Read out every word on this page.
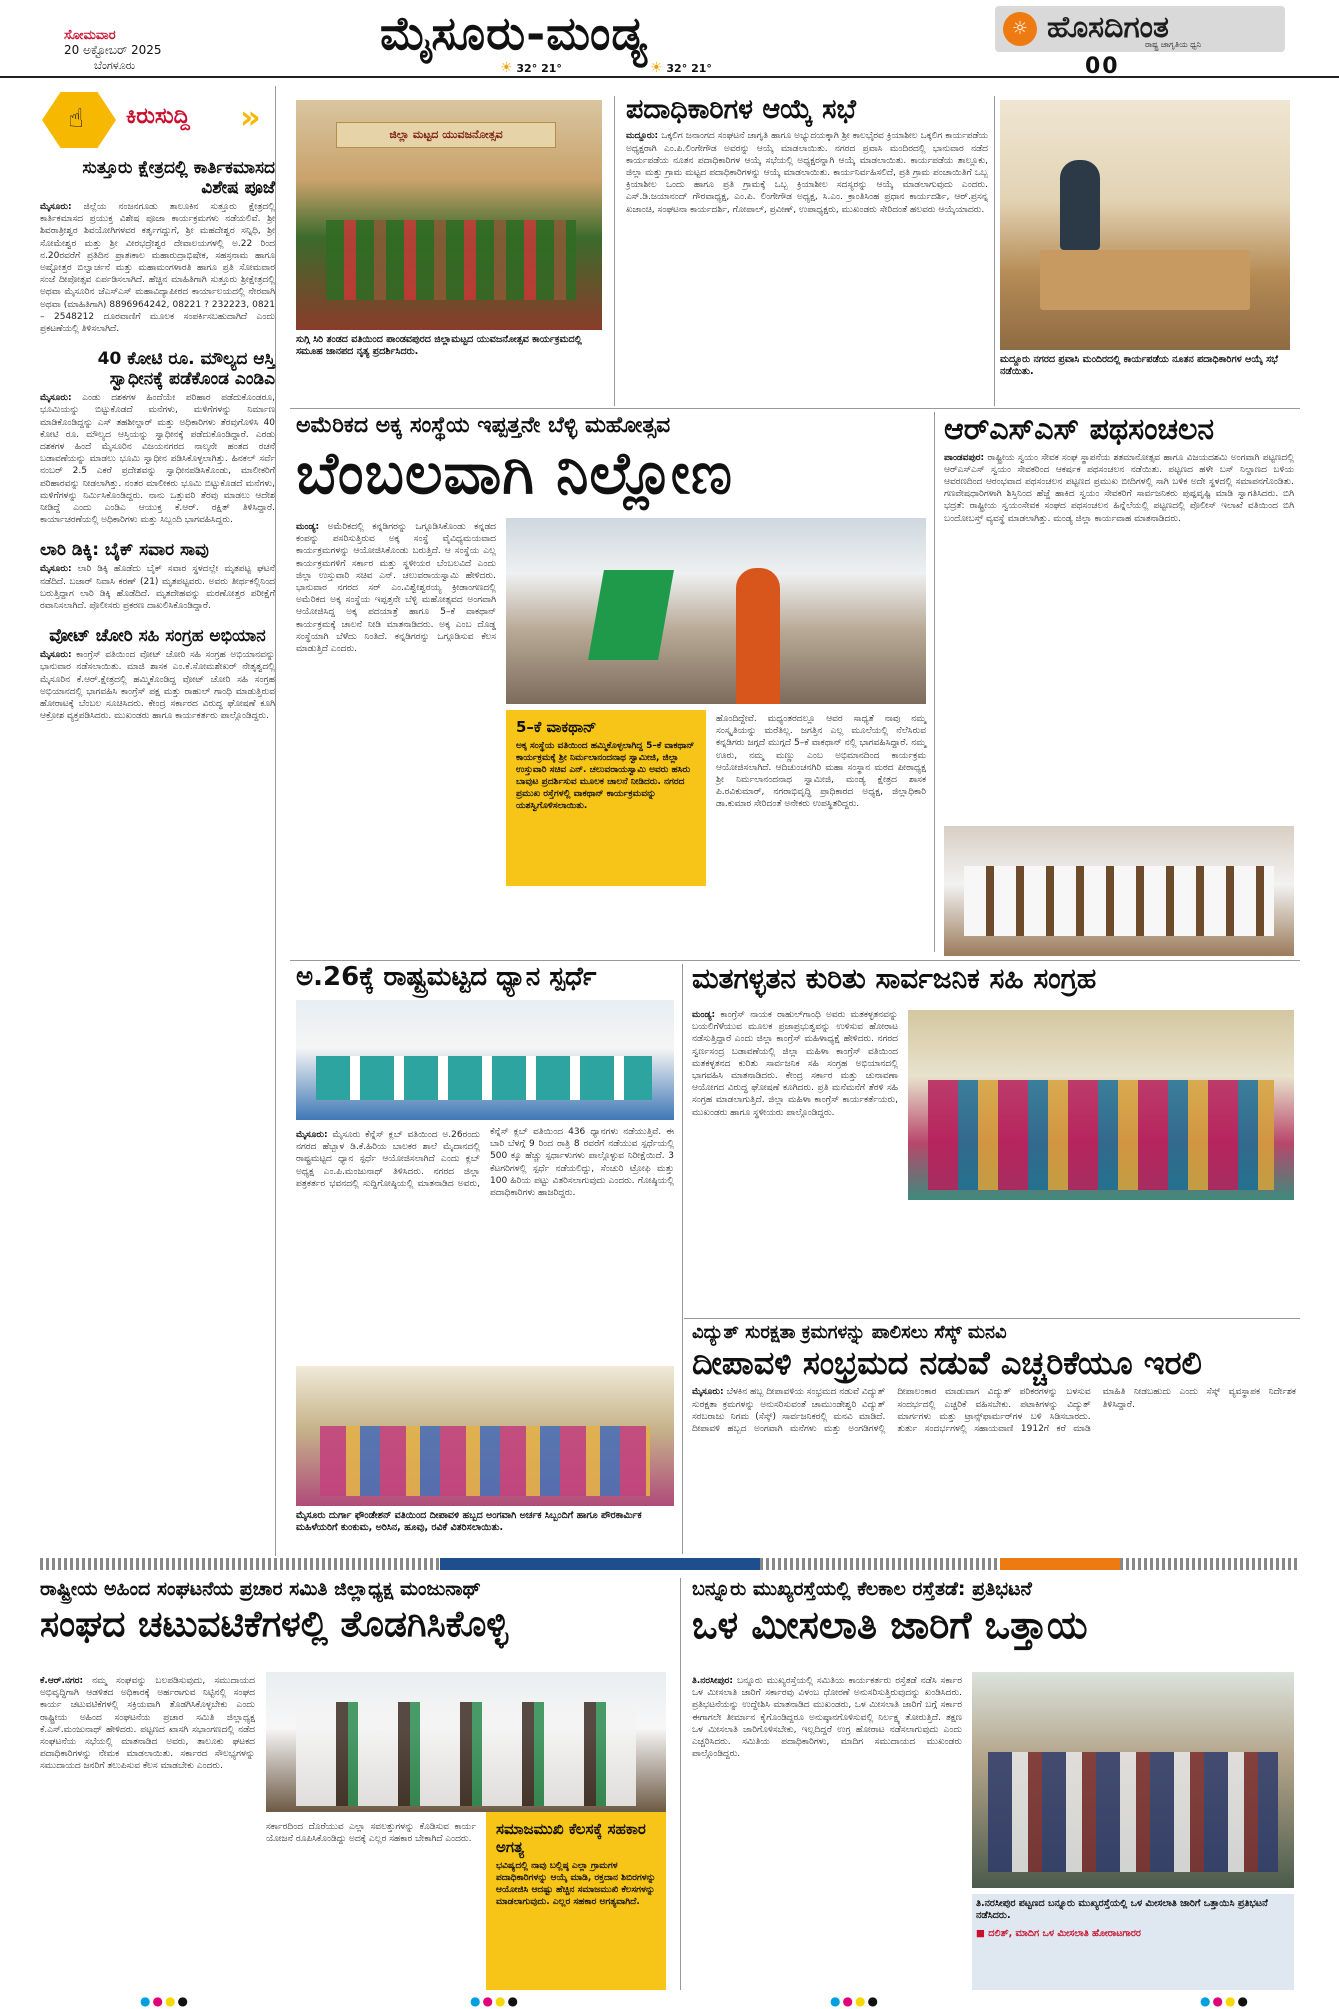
ಸೋಮವಾರ
20 ಅಕ್ಟೋಬರ್ 2025
ಬೆಂಗಳೂರು
ಮೈಸೂರು-ಮಂಡ್ಯ
☀ 32° 21°	☀ 32° 21°
☼ ಹೊಸದಿಗಂತ
ರಾಷ್ಟ್ರ ಜಾಗೃತಿಯ ಧ್ವನಿ
00
☝ ಕಿರುಸುದ್ದಿ »
ಸುತ್ತೂರು ಕ್ಷೇತ್ರದಲ್ಲಿ ಕಾರ್ತಿಕಮಾಸದ ವಿಶೇಷ ಪೂಜೆ

ಮೈಸೂರು: ಜಿಲ್ಲೆಯ ನಂಜನಗೂಡು ತಾಲೂಕಿನ ಸುತ್ತೂರು ಕ್ಷೇತ್ರದಲ್ಲಿ ಕಾರ್ತಿಕಮಾಸದ ಪ್ರಯುಕ್ತ ವಿಶೇಷ ಪೂಜಾ ಕಾರ್ಯಕ್ರಮಗಳು ನಡೆಯಲಿವೆ. ಶ್ರೀ ಶಿವರಾತ್ರೀಶ್ವರ ಶಿವಯೋಗಿಗಳವರ ಕರ್ತೃಗದ್ದುಗೆ, ಶ್ರೀ ಮಹದೇಶ್ವರ ಸನ್ನಿಧಿ, ಶ್ರೀ ಸೋಮೇಶ್ವರ ಮತ್ತು ಶ್ರೀ ವೀರಭದ್ರೇಶ್ವರ ದೇವಾಲಯಗಳಲ್ಲಿ ಅ.22 ರಿಂದ ನ.20ರವರೆಗೆ ಪ್ರತಿದಿನ ಪ್ರಾತಃಕಾಲ ಮಹಾರುದ್ರಾಭಿಷೇಕ, ಸಹಸ್ರನಾಮ ಹಾಗೂ ಅಷ್ಟೋತ್ತರ ಬಿಲ್ವಾರ್ಚನೆ ಮತ್ತು ಮಹಾಮಂಗಳಾರತಿ ಹಾಗೂ ಪ್ರತಿ ಸೋಮವಾರ ಸಂಜೆ ದೀಪೋತ್ಸವ ಏರ್ಪಡಿಸಲಾಗಿದೆ. ಹೆಚ್ಚಿನ ಮಾಹಿತಿಗಾಗಿ ಸುತ್ತೂರು ಶ್ರೀಕ್ಷೇತ್ರದಲ್ಲಿ ಅಥವಾ ಮೈಸೂರಿನ ಜೆಎಸ್‌ಎಸ್ ಮಹಾವಿದ್ಯಾಪೀಠದ ಕಾರ್ಯಾಲಯದಲ್ಲಿ ನೇರವಾಗಿ ಅಥವಾ (ಮಾಹಿತಿಗಾಗಿ) 8896964242, 08221 ? 232223, 0821 – 2548212 ದೂರವಾಣಿಗೆ ಮೂಲಕ ಸಂಪರ್ಕಿಸಬಹುದಾಗಿದೆ ಎಂದು ಪ್ರಕಟಣೆಯಲ್ಲಿ ತಿಳಿಸಲಾಗಿದೆ.

40 ಕೋಟಿ ರೂ. ಮೌಲ್ಯದ ಆಸ್ತಿ ಸ್ವಾಧೀನಕ್ಕೆ ಪಡೆಕೊಂಡ ಎಂಡಿಎ

ಮೈಸೂರು: ಎಂಡು ದಶಕಗಳ ಹಿಂದೆಯೇ ಪರಿಹಾರ ಪಡೆದುಕೊಂಡರೂ, ಭೂಮಿಯನ್ನು ಬಿಟ್ಟುಕೊಡದೆ ಮನೆಗಳು, ಮಳಿಗೆಗಳನ್ನು ನಿರ್ಮಾಣ ಮಾಡಿಕೊಂಡಿದ್ದನ್ನು ಎಸ್ ತಹಶೀಲ್ದಾರ್ ಮತ್ತು ಅಧಿಕಾರಿಗಳು ತೆರವುಗೊಳಿಸಿ 40 ಕೋಟಿ ರೂ. ಮೌಲ್ಯದ ಆಸ್ತಿಯನ್ನು ಸ್ವಾಧೀನಕ್ಕೆ ಪಡೆದುಕೊಂಡಿದ್ದಾರೆ. ಎರಡು ದಶಕಗಳ ಹಿಂದೆ ಮೈಸೂರಿನ ವಿಜಯನಗರದ ನಾಲ್ಕನೇ ಹಂತದ ರಚನೆ ಬಡಾವಣೆಯನ್ನು ಮಾಡಲು ಭೂಮಿ ಸ್ವಾಧೀನ ಪಡಿಸಿಕೊಳ್ಳಲಾಗಿತ್ತು. ಹಿನಕಲ್ ಸರ್ವೆ ನಂಬರ್ 2.5 ಎಕರೆ ಪ್ರದೇಶವನ್ನು ಸ್ವಾಧೀನಪಡಿಸಿಕೊಂಡು, ಮಾಲೀಕರಿಗೆ ಪರಿಹಾರವನ್ನು ನೀಡಲಾಗಿತ್ತು. ನಂತರ ಮಾಲೀಕರು ಭೂಮಿ ಬಿಟ್ಟುಕೊಡದೆ ಮನೆಗಳು, ಮಳಿಗೆಗಳನ್ನು ನಿರ್ಮಿಸಿಕೊಂಡಿದ್ದರು. ನಾನು ಒತ್ತುವರಿ ತೆರವು ಮಾಡಲು ಆದೇಶ ನೀಡಿದ್ದೆ ಎಂದು ಎಂಡಿಎ ಆಯುಕ್ತ ಕೆ.ಆರ್. ರಕ್ಷಿತ್ ತಿಳಿಸಿದ್ದಾರೆ. ಕಾರ್ಯಾಚರಣೆಯಲ್ಲಿ ಅಧಿಕಾರಿಗಳು ಮತ್ತು ಸಿಬ್ಬಂದಿ ಭಾಗವಹಿಸಿದ್ದರು.

ಲಾರಿ ಡಿಕ್ಕಿ: ಬೈಕ್ ಸವಾರ ಸಾವು

ಮೈಸೂರು: ಲಾರಿ ಡಿಕ್ಕಿ ಹೊಡೆದು ಬೈಕ್ ಸವಾರ ಸ್ಥಳದಲ್ಲೇ ಮೃತಪಟ್ಟ ಘಟನೆ ನಡೆದಿದೆ. ಬಜಾರ್ ನಿವಾಸಿ ಕರಣ್ (21) ಮೃತಪಟ್ಟವರು. ಅವರು ತೀರ್ಥಕಲ್ಲಿನಿಂದ ಬರುತ್ತಿದ್ದಾಗ ಲಾರಿ ಡಿಕ್ಕಿ ಹೊಡೆದಿದೆ. ಮೃತದೇಹವನ್ನು ಮರಣೋತ್ತರ ಪರೀಕ್ಷೆಗೆ ರವಾನಿಸಲಾಗಿದೆ. ಪೊಲೀಸರು ಪ್ರಕರಣ ದಾಖಲಿಸಿಕೊಂಡಿದ್ದಾರೆ.

ವೋಟ್ ಚೋರಿ ಸಹಿ ಸಂಗ್ರಹ ಅಭಿಯಾನ

ಮೈಸೂರು: ಕಾಂಗ್ರೆಸ್ ವತಿಯಿಂದ ವೋಟ್ ಚೋರಿ ಸಹಿ ಸಂಗ್ರಹ ಅಭಿಯಾನವನ್ನು ಭಾನುವಾರ ನಡೆಸಲಾಯಿತು. ಮಾಜಿ ಶಾಸಕ ಎಂ.ಕೆ.ಸೋಮಶೇಖರ್ ನೇತೃತ್ವದಲ್ಲಿ ಮೈಸೂರಿನ ಕೆ.ಆರ್.ಕ್ಷೇತ್ರದಲ್ಲಿ ಹಮ್ಮಿಕೊಂಡಿದ್ದ ವೋಟ್ ಚೋರಿ ಸಹಿ ಸಂಗ್ರಹ ಅಭಿಯಾನದಲ್ಲಿ ಭಾಗವಹಿಸಿ ಕಾಂಗ್ರೆಸ್ ಪಕ್ಷ ಮತ್ತು ರಾಹುಲ್ ಗಾಂಧಿ ಮಾಡುತ್ತಿರುವ ಹೋರಾಟಕ್ಕೆ ಬೆಂಬಲ ಸೂಚಿಸಿದರು. ಕೇಂದ್ರ ಸರ್ಕಾರದ ವಿರುದ್ಧ ಘೋಷಣೆ ಕೂಗಿ ಆಕ್ರೋಶ ವ್ಯಕ್ತಪಡಿಸಿದರು. ಮುಖಂಡರು ಹಾಗೂ ಕಾರ್ಯಕರ್ತರು ಪಾಲ್ಗೊಂಡಿದ್ದರು.

ಜಿಲ್ಲಾ ಮಟ್ಟದ ಯುವಜನೋತ್ಸವ

ಸುಗ್ಗಿ ಸಿರಿ ತಂಡದ ವತಿಯಿಂದ ಪಾಂಡವಪುರದ ಜಿಲ್ಲಾಮಟ್ಟದ ಯುವಜನೋತ್ಸವ ಕಾರ್ಯಕ್ರಮದಲ್ಲಿ ಸಮೂಹ ಜಾನಪದ ನೃತ್ಯ ಪ್ರದರ್ಶಿಸಿದರು.

ಪದಾಧಿಕಾರಿಗಳ ಆಯ್ಕೆ ಸಭೆ

ಮದ್ದೂರು: ಒಕ್ಕಲಿಗ ಜನಾಂಗದ ಸಂಘಟನೆ ಜಾಗೃತಿ ಹಾಗೂ ಅಭ್ಯುದಯಕ್ಕಾಗಿ ಶ್ರೀ ಕಾಲಭೈರವ ಕ್ರಿಯಾಶೀಲ ಒಕ್ಕಲಿಗ ಕಾರ್ಯಪಡೆಯ ಅಧ್ಯಕ್ಷರಾಗಿ ಎಂ.ಪಿ.ಲಿಂಗೇಗೌಡ ಅವರನ್ನು ಆಯ್ಕೆ ಮಾಡಲಾಯಿತು. ನಗರದ ಪ್ರವಾಸಿ ಮಂದಿರದಲ್ಲಿ ಭಾನುವಾರ ನಡೆದ ಕಾರ್ಯಪಡೆಯ ನೂತನ ಪದಾಧಿಕಾರಿಗಳ ಆಯ್ಕೆ ಸಭೆಯಲ್ಲಿ ಅಧ್ಯಕ್ಷರನ್ನಾಗಿ ಆಯ್ಕೆ ಮಾಡಲಾಯಿತು. ಕಾರ್ಯಪಡೆಯ ತಾಲ್ಲೂಕು, ಜಿಲ್ಲಾ ಮತ್ತು ಗ್ರಾಮ ಮಟ್ಟದ ಪದಾಧಿಕಾರಿಗಳನ್ನು ಆಯ್ಕೆ ಮಾಡಲಾಯಿತು. ಕಾರ್ಯನಿರ್ವಹಿಸಲಿದೆ, ಪ್ರತಿ ಗ್ರಾಮ ಪಂಚಾಯಿತಿಗೆ ಒಬ್ಬ ಕ್ರಿಯಾಶೀಲ ಒಂದು ಹಾಗೂ ಪ್ರತಿ ಗ್ರಾಮಕ್ಕೆ ಒಬ್ಬ ಕ್ರಿಯಾಶೀಲ ಸದಸ್ಯರನ್ನು ಆಯ್ಕೆ ಮಾಡಲಾಗುವುದು ಎಂದರು. ಎಸ್.ಡಿ.ಜಯಾನಂದ್ ಗೌರವಾಧ್ಯಕ್ಷ, ಎಂ.ಪಿ. ಲಿಂಗೇಗೌಡ ಅಧ್ಯಕ್ಷ, ಸಿ.ಎಂ. ಕ್ರಾಂತಿಸಿಂಹ ಪ್ರಧಾನ ಕಾರ್ಯದರ್ಶಿ, ಆರ್.ಪ್ರಸನ್ನ ಖಜಾಂಚಿ, ಸಂಘಟನಾ ಕಾರ್ಯದರ್ಶಿ, ಗೋಪಾಲ್, ಪ್ರವೀಣ್, ಉಪಾಧ್ಯಕ್ಷರು, ಮುಖಂಡರು ಸೇರಿದಂತೆ ಹಲವರು ಆಯ್ಕೆಯಾದರು.

ಮದ್ದೂರು ನಗರದ ಪ್ರವಾಸಿ ಮಂದಿರದಲ್ಲಿ ಕಾರ್ಯಪಡೆಯ ನೂತನ ಪದಾಧಿಕಾರಿಗಳ ಆಯ್ಕೆ ಸಭೆ ನಡೆಯಿತು.

ಅಮೆರಿಕದ ಅಕ್ಕ ಸಂಸ್ಥೆಯ ಇಪ್ಪತ್ತನೇ ಬೆಳ್ಳಿ ಮಹೋತ್ಸವ
ಬೆಂಬಲವಾಗಿ ನಿಲ್ಲೋಣ

ಮಂಡ್ಯ: ಅಮೆರಿಕದಲ್ಲಿ ಕನ್ನಡಿಗರನ್ನು ಒಗ್ಗೂಡಿಸಿಕೊಂಡು ಕನ್ನಡದ ಕಂಪನ್ನು ಪಸರಿಸುತ್ತಿರುವ ಅಕ್ಕ ಸಂಸ್ಥೆ ವೈವಿಧ್ಯಮಯವಾದ ಕಾರ್ಯಕ್ರಮಗಳನ್ನು ಆಯೋಜಿಸಿಕೊಂಡು ಬರುತ್ತಿದೆ. ಆ ಸಂಸ್ಥೆಯ ಎಲ್ಲ ಕಾರ್ಯಕ್ರಮಗಳಿಗೆ ಸರ್ಕಾರ ಮತ್ತು ಸ್ಥಳೀಯರ ಬೆಂಬಲವಿದೆ ಎಂದು ಜಿಲ್ಲಾ ಉಸ್ತುವಾರಿ ಸಚಿವ ಎನ್. ಚಲುವರಾಯಸ್ವಾಮಿ ಹೇಳಿದರು. ಭಾನುವಾರ ನಗರದ ಸರ್ ಎಂ.ವಿಶ್ವೇಶ್ವರಯ್ಯ ಕ್ರೀಡಾಂಗಣದಲ್ಲಿ ಅಮೆರಿಕದ ಅಕ್ಕ ಸಂಸ್ಥೆಯ ಇಪ್ಪತ್ತನೇ ಬೆಳ್ಳಿ ಮಹೋತ್ಸವದ ಅಂಗವಾಗಿ ಆಯೋಜಿಸಿದ್ದ ಅಕ್ಕ ಪದಯಾತ್ರೆ ಹಾಗೂ 5–ಕೆ ವಾಕಥಾನ್ ಕಾರ್ಯಕ್ರಮಕ್ಕೆ ಚಾಲನೆ ನೀಡಿ ಮಾತನಾಡಿದರು. ಅಕ್ಕ ಎಂಬ ದೊಡ್ಡ ಸಂಸ್ಥೆಯಾಗಿ ಬೆಳೆದು ನಿಂತಿದೆ. ಕನ್ನಡಿಗರನ್ನು ಒಗ್ಗೂಡಿಸುವ ಕೆಲಸ ಮಾಡುತ್ತಿದೆ ಎಂದರು.

5–ಕೆ ವಾಕಥಾನ್
ಅಕ್ಕ ಸಂಸ್ಥೆಯ ವತಿಯಿಂದ ಹಮ್ಮಿಕೊಳ್ಳಲಾಗಿದ್ದ 5–ಕೆ ವಾಕಥಾನ್ ಕಾರ್ಯಕ್ರಮಕ್ಕೆ ಶ್ರೀ ನಿರ್ಮಲಾನಂದನಾಥ ಸ್ವಾಮೀಜಿ, ಜಿಲ್ಲಾ ಉಸ್ತುವಾರಿ ಸಚಿವ ಎನ್. ಚಲುವರಾಯಸ್ವಾಮಿ ಅವರು ಹಸಿರು ಬಾವುಟ ಪ್ರದರ್ಶಿಸುವ ಮೂಲಕ ಚಾಲನೆ ನೀಡಿದರು. ನಗರದ ಪ್ರಮುಖ ರಸ್ತೆಗಳಲ್ಲಿ ವಾಕಥಾನ್ ಕಾರ್ಯಕ್ರಮವನ್ನು ಯಶಸ್ವಿಗೊಳಿಸಲಾಯಿತು.

ಹೊಂದಿದ್ದೇವೆ. ಮಧ್ಯಂತರದಲ್ಲೂ ಆವರ ಸಾಧ್ಯತೆ ನಾವು ನಮ್ಮ ಸಂಸ್ಕೃತಿಯನ್ನು ಮರೆತಿಲ್ಲ. ಜಗತ್ತಿನ ಎಲ್ಲ ಮೂಲೆಯಲ್ಲಿ ನೆಲೆಸಿರುವ ಕನ್ನಡಿಗರು ಜಗ್ಗದೆ ಮುಗ್ಗದೆ 5–ಕೆ ವಾಕಥಾನ್ ನಲ್ಲಿ ಭಾಗವಹಿಸಿದ್ದಾರೆ. ನಮ್ಮ ಊರು, ನಮ್ಮ ಮಣ್ಣು ಎಂಬ ಅಭಿಮಾನದಿಂದ ಕಾರ್ಯಕ್ರಮ ಆಯೋಜಿಸಲಾಗಿದೆ. ಆದಿಚುಂಚನಗಿರಿ ಮಹಾ ಸಂಸ್ಥಾನ ಮಠದ ಪೀಠಾಧ್ಯಕ್ಷ ಶ್ರೀ ನಿರ್ಮಲಾನಂದನಾಥ ಸ್ವಾಮೀಜಿ, ಮಂಡ್ಯ ಕ್ಷೇತ್ರದ ಶಾಸಕ ಪಿ.ರವಿಕುಮಾರ್, ನಗರಾಭಿವೃದ್ಧಿ ಪ್ರಾಧಿಕಾರದ ಅಧ್ಯಕ್ಷ, ಜಿಲ್ಲಾಧಿಕಾರಿ ಡಾ.ಕುಮಾರ ಸೇರಿದಂತೆ ಅನೇಕರು ಉಪಸ್ಥಿತರಿದ್ದರು.

ಆರ್‌ಎಸ್‌ಎಸ್ ಪಥಸಂಚಲನ

ಪಾಂಡವಪುರ: ರಾಷ್ಟ್ರೀಯ ಸ್ವಯಂ ಸೇವಕ ಸಂಘ ಸ್ಥಾಪನೆಯ ಶತಮಾನೋತ್ಸವ ಹಾಗೂ ವಿಜಯದಶಮಿ ಅಂಗವಾಗಿ ಪಟ್ಟಣದಲ್ಲಿ ಆರ್‌ಎಸ್‌ಎಸ್ ಸ್ವಯಂ ಸೇವಕರಿಂದ ಆಕರ್ಷಕ ಪಥಸಂಚಲನ ನಡೆಯಿತು. ಪಟ್ಟಣದ ಹಳೇ ಬಸ್ ನಿಲ್ದಾಣದ ಬಳಿಯ ಆವರಣದಿಂದ ಆರಂಭವಾದ ಪಥಸಂಚಲನ ಪಟ್ಟಣದ ಪ್ರಮುಖ ಬೀದಿಗಳಲ್ಲಿ ಸಾಗಿ ಬಳಿಕ ಅದೇ ಸ್ಥಳದಲ್ಲಿ ಸಮಾಪನಗೊಂಡಿತು. ಗಣವೇಷಧಾರಿಗಳಾಗಿ ಶಿಸ್ತಿನಿಂದ ಹೆಜ್ಜೆ ಹಾಕಿದ ಸ್ವಯಂ ಸೇವಕರಿಗೆ ಸಾರ್ವಜನಿಕರು ಪುಷ್ಪವೃಷ್ಟಿ ಮಾಡಿ ಸ್ವಾಗತಿಸಿದರು. ಬಿಗಿ ಭದ್ರತೆ: ರಾಷ್ಟ್ರೀಯ ಸ್ವಯಂಸೇವಕ ಸಂಘದ ಪಥಸಂಚಲನ ಹಿನ್ನೆಲೆಯಲ್ಲಿ ಪಟ್ಟಣದಲ್ಲಿ ಪೊಲೀಸ್ ಇಲಾಖೆ ವತಿಯಿಂದ ಬಿಗಿ ಬಂದೋಬಸ್ತ್ ವ್ಯವಸ್ಥೆ ಮಾಡಲಾಗಿತ್ತು. ಮಂಡ್ಯ ಜಿಲ್ಲಾ ಕಾರ್ಯವಾಹ ಮಾತನಾಡಿದರು.

ಅ.26ಕ್ಕೆ ರಾಷ್ಟ್ರಮಟ್ಟದ ಧ್ಯಾನ ಸ್ಪರ್ಧೆ

ಮೈಸೂರು: ಮೈಸೂರು ಕೆನ್ನೆಸ್ ಕ್ಲಬ್ ವತಿಯಿಂದ ಅ.26ರಂದು ನಗರದ ಹೆಬ್ಬಾಳ ಡಿ.ಕೆ.ಹಿರಿಯ ಬಾಲಕರ ಶಾಲೆ ಮೈದಾನದಲ್ಲಿ ರಾಷ್ಟ್ರಮಟ್ಟದ ಧ್ಯಾನ ಸ್ಪರ್ಧೆ ಆಯೋಜಿಸಲಾಗಿದೆ ಎಂದು ಕ್ಲಬ್ ಅಧ್ಯಕ್ಷ ಎಂ.ಪಿ.ಮಂಜುನಾಥ್ ತಿಳಿಸಿದರು. ನಗರದ ಜಿಲ್ಲಾ ಪತ್ರಕರ್ತರ ಭವನದಲ್ಲಿ ಸುದ್ದಿಗೋಷ್ಠಿಯಲ್ಲಿ ಮಾತನಾಡಿದ ಅವರು, ಕೆನ್ನೆಸ್ ಕ್ಲಬ್ ವತಿಯಿಂದ 436 ಧ್ಯಾನಗಳು ನಡೆಯುತ್ತಿವೆ. ಈ ಬಾರಿ ಬೆಳಗ್ಗೆ 9 ರಿಂದ ರಾತ್ರಿ 8 ರವರೆಗೆ ನಡೆಯುವ ಸ್ಪರ್ಧೆಯಲ್ಲಿ 500 ಕ್ಕೂ ಹೆಚ್ಚು ಸ್ಪರ್ಧಾಳುಗಳು ಪಾಲ್ಗೊಳ್ಳುವ ನಿರೀಕ್ಷೆಯಿದೆ. 3 ಕೆಟಗರಿಗಳಲ್ಲಿ ಸ್ಪರ್ಧೆ ನಡೆಯಲಿದ್ದು, ಸೆಂಚುರಿ ಟ್ರೋಫಿ ಮತ್ತು 100 ಹಿರಿಯ ಪಟ್ಟು ವಿತರಿಸಲಾಗುವುದು ಎಂದರು. ಗೋಷ್ಠಿಯಲ್ಲಿ ಪದಾಧಿಕಾರಿಗಳು ಹಾಜರಿದ್ದರು.

ಮೈಸೂರು ದುರ್ಗಾ ಫೌಂಡೇಶನ್ ವತಿಯಿಂದ ದೀಪಾವಳಿ ಹಬ್ಬದ ಅಂಗವಾಗಿ ಅರ್ಚಕ ಸಿಬ್ಬಂದಿಗೆ ಹಾಗೂ ಪೌರಕಾರ್ಮಿಕ ಮಹಿಳೆಯರಿಗೆ ಕುಂಕುಮ, ಅರಿಸಿನ, ಹೂವು, ರವಿಕೆ ವಿತರಿಸಲಾಯಿತು.

ಮತಗಳ್ಳತನ ಕುರಿತು ಸಾರ್ವಜನಿಕ ಸಹಿ ಸಂಗ್ರಹ

ಮಂಡ್ಯ: ಕಾಂಗ್ರೆಸ್ ನಾಯಕ ರಾಹುಲ್‌ಗಾಂಧಿ ಅವರು ಮತಕಳ್ಳತನವನ್ನು ಬಯಲಿಗೆಳೆಯುವ ಮೂಲಕ ಪ್ರಜಾಪ್ರಭುತ್ವವನ್ನು ಉಳಿಸುವ ಹೋರಾಟ ನಡೆಸುತ್ತಿದ್ದಾರೆ ಎಂದು ಜಿಲ್ಲಾ ಕಾಂಗ್ರೆಸ್ ಮಹಿಳಾಧ್ಯಕ್ಷೆ ಹೇಳಿದರು. ನಗರದ ಸ್ವರ್ಣಸಂದ್ರ ಬಡಾವಣೆಯಲ್ಲಿ ಜಿಲ್ಲಾ ಮಹಿಳಾ ಕಾಂಗ್ರೆಸ್ ವತಿಯಿಂದ ಮತಕಳ್ಳತನದ ಕುರಿತು ಸಾರ್ವಜನಿಕ ಸಹಿ ಸಂಗ್ರಹ ಅಭಿಯಾನದಲ್ಲಿ ಭಾಗವಹಿಸಿ ಮಾತನಾಡಿದರು. ಕೇಂದ್ರ ಸರ್ಕಾರ ಮತ್ತು ಚುನಾವಣಾ ಆಯೋಗದ ವಿರುದ್ಧ ಘೋಷಣೆ ಕೂಗಿದರು. ಪ್ರತಿ ಮನೆಮನೆಗೆ ತೆರಳಿ ಸಹಿ ಸಂಗ್ರಹ ಮಾಡಲಾಗುತ್ತಿದೆ. ಜಿಲ್ಲಾ ಮಹಿಳಾ ಕಾಂಗ್ರೆಸ್ ಕಾರ್ಯಕರ್ತೆಯರು, ಮುಖಂಡರು ಹಾಗೂ ಸ್ಥಳೀಯರು ಪಾಲ್ಗೊಂಡಿದ್ದರು.

ವಿದ್ಯುತ್ ಸುರಕ್ಷತಾ ಕ್ರಮಗಳನ್ನು ಪಾಲಿಸಲು ಸೆಸ್ಕ್ ಮನವಿ
ದೀಪಾವಳಿ ಸಂಭ್ರಮದ ನಡುವೆ ಎಚ್ಚರಿಕೆಯೂ ಇರಲಿ

ಮೈಸೂರು: ಬೆಳಕಿನ ಹಬ್ಬ ದೀಪಾವಳಿಯ ಸಂಭ್ರಮದ ನಡುವೆ ವಿದ್ಯುತ್ ಸುರಕ್ಷತಾ ಕ್ರಮಗಳನ್ನು ಅನುಸರಿಸುವಂತೆ ಚಾಮುಂಡೇಶ್ವರಿ ವಿದ್ಯುತ್ ಸರಬರಾಜು ನಿಗಮ (ಸೆಸ್ಕ್) ಸಾರ್ವಜನಿಕರಲ್ಲಿ ಮನವಿ ಮಾಡಿದೆ. ದೀಪಾವಳಿ ಹಬ್ಬದ ಅಂಗವಾಗಿ ಮನೆಗಳು ಮತ್ತು ಅಂಗಡಿಗಳಲ್ಲಿ ದೀಪಾಲಂಕಾರ ಮಾಡುವಾಗ ವಿದ್ಯುತ್ ಪರಿಕರಗಳನ್ನು ಬಳಸುವ ಸಂದರ್ಭದಲ್ಲಿ ಎಚ್ಚರಿಕೆ ವಹಿಸಬೇಕು. ಪಟಾಕಿಗಳನ್ನು ವಿದ್ಯುತ್ ಮಾರ್ಗಗಳು ಮತ್ತು ಟ್ರಾನ್ಸ್‌ಫಾರ್ಮರ್‌ಗಳ ಬಳಿ ಸಿಡಿಸಬಾರದು. ತುರ್ತು ಸಂದರ್ಭಗಳಲ್ಲಿ ಸಹಾಯವಾಣಿ 1912ಗೆ ಕರೆ ಮಾಡಿ ಮಾಹಿತಿ ನೀಡಬಹುದು ಎಂದು ಸೆಸ್ಕ್ ವ್ಯವಸ್ಥಾಪಕ ನಿರ್ದೇಶಕ ತಿಳಿಸಿದ್ದಾರೆ.

ರಾಷ್ಟ್ರೀಯ ಅಹಿಂದ ಸಂಘಟನೆಯ ಪ್ರಚಾರ ಸಮಿತಿ ಜಿಲ್ಲಾಧ್ಯಕ್ಷ ಮಂಜುನಾಥ್
ಸಂಘದ ಚಟುವಟಿಕೆಗಳಲ್ಲಿ ತೊಡಗಿಸಿಕೊಳ್ಳಿ

ಕೆ.ಆರ್.ನಗರ: ನಮ್ಮ ಸಂಘವನ್ನು ಬಲಪಡಿಸುವುದು, ಸಮುದಾಯದ ಅಭಿವೃದ್ಧಿಗಾಗಿ ಆಡಳಿತದ ಅಧಿಕಾರಕ್ಕೆ ಅರ್ಹರಾಗುವ ನಿಟ್ಟಿನಲ್ಲಿ ಸಂಘದ ಕಾರ್ಯ ಚಟುವಟಿಕೆಗಳಲ್ಲಿ ಸಕ್ರಿಯವಾಗಿ ತೊಡಗಿಸಿಕೊಳ್ಳಬೇಕು ಎಂದು ರಾಷ್ಟ್ರೀಯ ಅಹಿಂದ ಸಂಘಟನೆಯ ಪ್ರಚಾರ ಸಮಿತಿ ಜಿಲ್ಲಾಧ್ಯಕ್ಷ ಕೆ.ಎಸ್.ಮಂಜುನಾಥ್ ಹೇಳಿದರು. ಪಟ್ಟಣದ ಖಾಸಗಿ ಸಭಾಂಗಣದಲ್ಲಿ ನಡೆದ ಸಂಘಟನೆಯ ಸಭೆಯಲ್ಲಿ ಮಾತನಾಡಿದ ಅವರು, ತಾಲೂಕು ಘಟಕದ ಪದಾಧಿಕಾರಿಗಳನ್ನು ನೇಮಕ ಮಾಡಲಾಯಿತು. ಸರ್ಕಾರದ ಸೌಲಭ್ಯಗಳನ್ನು ಸಮುದಾಯದ ಜನರಿಗೆ ತಲುಪಿಸುವ ಕೆಲಸ ಮಾಡಬೇಕು ಎಂದರು.

ಸರ್ಕಾರದಿಂದ ದೊರೆಯುವ ಎಲ್ಲಾ ಸವಲತ್ತುಗಳನ್ನು ಕೊಡಿಸುವ ಕಾರ್ಯ ಯೋಜನೆ ರೂಪಿಸಿಕೊಂಡಿದ್ದು ಅದಕ್ಕೆ ಎಲ್ಲರ ಸಹಕಾರ ಬೇಕಾಗಿದೆ ಎಂದರು.

ಸಮಾಜಮುಖಿ ಕೆಲಸಕ್ಕೆ ಸಹಕಾರ ಅಗತ್ಯ
ಭವಿಷ್ಯದಲ್ಲಿ ನಾವು ಬಲ್ಲಿಷ್ಠ ಎಲ್ಲಾ ಗ್ರಾಮಗಳ ಪದಾಧಿಕಾರಿಗಳನ್ನು ಆಯ್ಕೆ ಮಾಡಿ, ರಕ್ತದಾನ ಶಿಬಿರಗಳನ್ನು ಆಯೋಜಿಸಿ ಆದಷ್ಟು ಹೆಚ್ಚಿನ ಸಮಾಜಮುಖಿ ಕೆಲಸಗಳನ್ನು ಮಾಡಲಾಗುವುದು. ಎಲ್ಲರ ಸಹಕಾರ ಅಗತ್ಯವಾಗಿದೆ.
ಬನ್ನೂರು ಮುಖ್ಯರಸ್ತೆಯಲ್ಲಿ ಕೆಲಕಾಲ ರಸ್ತೆತಡೆ: ಪ್ರತಿಭಟನೆ
ಒಳ ಮೀಸಲಾತಿ ಜಾರಿಗೆ ಒತ್ತಾಯ

ತಿ.ನರಸೀಪುರ: ಬನ್ನೂರು ಮುಖ್ಯರಸ್ತೆಯಲ್ಲಿ ಸಮಿತಿಯ ಕಾರ್ಯಕರ್ತರು ರಸ್ತೆತಡೆ ನಡೆಸಿ ಸರ್ಕಾರ ಒಳ ಮೀಸಲಾತಿ ಜಾರಿಗೆ ಸರ್ಕಾರವು ವಿಳಂಬ ಧೋರಣೆ ಅನುಸರಿಸುತ್ತಿರುವುದನ್ನು ಖಂಡಿಸಿದರು. ಪ್ರತಿಭಟನೆಯನ್ನು ಉದ್ದೇಶಿಸಿ ಮಾತನಾಡಿದ ಮುಖಂಡರು, ಒಳ ಮೀಸಲಾತಿ ಜಾರಿಗೆ ಬಗ್ಗೆ ಸರ್ಕಾರ ಈಗಾಗಲೇ ತೀರ್ಮಾನ ಕೈಗೊಂಡಿದ್ದರೂ ಅನುಷ್ಠಾನಗೊಳಿಸುವಲ್ಲಿ ನಿರ್ಲಕ್ಷ್ಯ ತೋರುತ್ತಿದೆ. ತಕ್ಷಣ ಒಳ ಮೀಸಲಾತಿ ಜಾರಿಗೊಳಿಸಬೇಕು, ಇಲ್ಲದಿದ್ದರೆ ಉಗ್ರ ಹೋರಾಟ ನಡೆಸಲಾಗುವುದು ಎಂದು ಎಚ್ಚರಿಸಿದರು. ಸಮಿತಿಯ ಪದಾಧಿಕಾರಿಗಳು, ಮಾದಿಗ ಸಮುದಾಯದ ಮುಖಂಡರು ಪಾಲ್ಗೊಂಡಿದ್ದರು.

ತಿ.ನರಸೀಪುರ ಪಟ್ಟಣದ ಬನ್ನೂರು ಮುಖ್ಯರಸ್ತೆಯಲ್ಲಿ ಒಳ ಮೀಸಲಾತಿ ಜಾರಿಗೆ ಒತ್ತಾಯಿಸಿ ಪ್ರತಿಭಟನೆ ನಡೆಸಿದರು.

■ ದಲಿತ್, ಮಾದಿಗ ಒಳ ಮೀಸಲಾತಿ ಹೋರಾಟಗಾರರ

●●●●	●●●●	●●●●	●●●●
